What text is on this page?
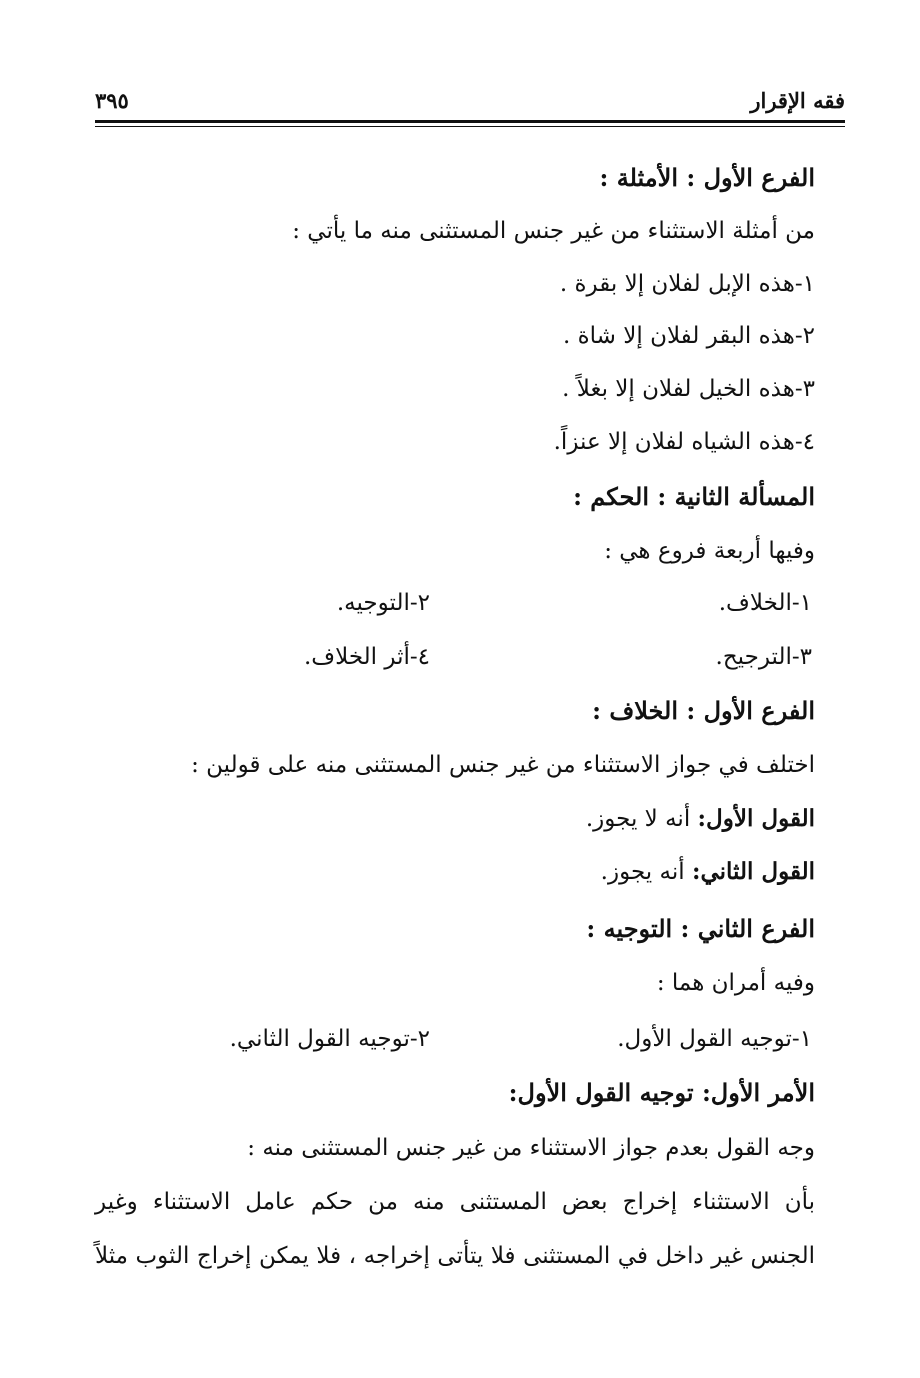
فقه الإقرار
٣٩٥
الفرع الأول : الأمثلة :
من أمثلة الاستثناء من غير جنس المستثنى منه ما يأتي :
١-هذه الإبل لفلان إلا بقرة .
٢-هذه البقر لفلان إلا شاة .
٣-هذه الخيل لفلان إلا بغلاً .
٤-هذه الشياه لفلان إلا عنزاً.
المسألة الثانية : الحكم :
وفيها أربعة فروع هي :
١-الخلاف.
٢-التوجيه.
٣-الترجيح.
٤-أثر الخلاف.
الفرع الأول : الخلاف :
اختلف في جواز الاستثناء من غير جنس المستثنى منه على قولين :
القول الأول: أنه لا يجوز.
القول الثاني: أنه يجوز.
الفرع الثاني : التوجيه :
وفيه أمران هما :
١-توجيه القول الأول.
٢-توجيه القول الثاني.
الأمر الأول: توجيه القول الأول:
وجه القول بعدم جواز الاستثناء من غير جنس المستثنى منه :
بأن الاستثناء إخراج بعض المستثنى منه من حكم عامل الاستثناء وغير
الجنس غير داخل في المستثنى فلا يتأتى إخراجه ، فلا يمكن إخراج الثوب مثلاً
